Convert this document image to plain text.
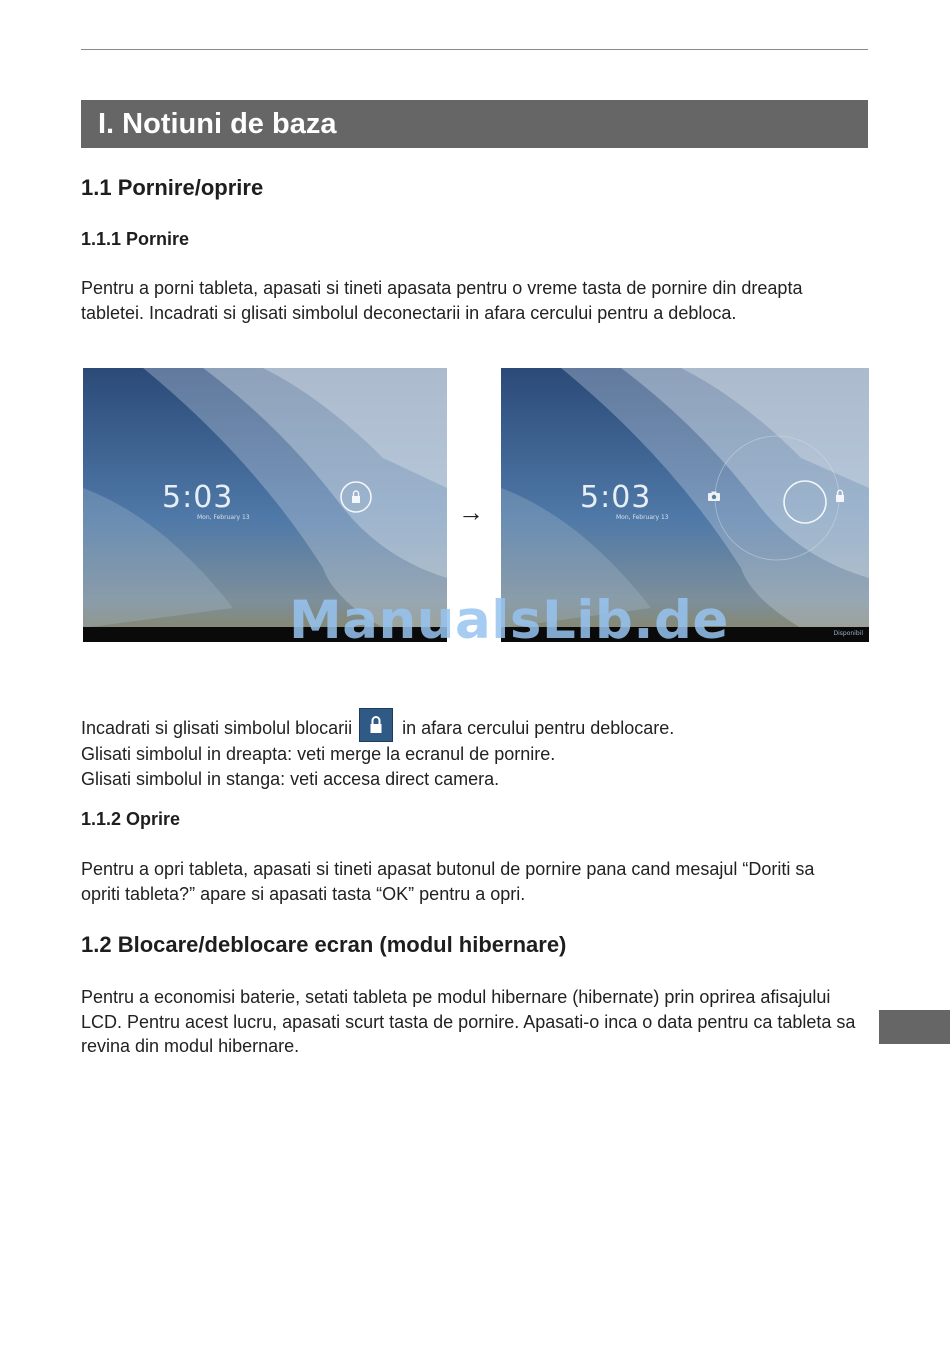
I. Notiuni de baza
1.1 Pornire/oprire
1.1.1 Pornire
Pentru a porni tableta, apasati si tineti apasata pentru o vreme tasta de pornire din dreapta tabletei. Incadrati si glisati simbolul deconectarii in afara cercului pentru a debloca.
5:03
Mon, February 13	→	5:03
Mon, February 13
Disponibil
ManualsLib.de

Incadrati si glisati simbolul blocarii	in afara cercului pentru deblocare.

Glisati simbolul in dreapta: veti merge la ecranul de pornire.

Glisati simbolul in stanga: veti accesa direct camera.

1.1.2 Oprire
Pentru a opri tableta, apasati si tineti apasat butonul de pornire pana cand mesajul “Doriti sa opriti tableta?” apare si apasati tasta “OK” pentru a opri.
1.2 Blocare/deblocare ecran (modul hibernare)
Pentru a economisi baterie, setati tableta pe modul hibernare (hibernate) prin oprirea afisajului LCD. Pentru acest lucru, apasati scurt tasta de pornire. Apasati-o inca o data pentru ca tableta sa revina din modul hibernare.
